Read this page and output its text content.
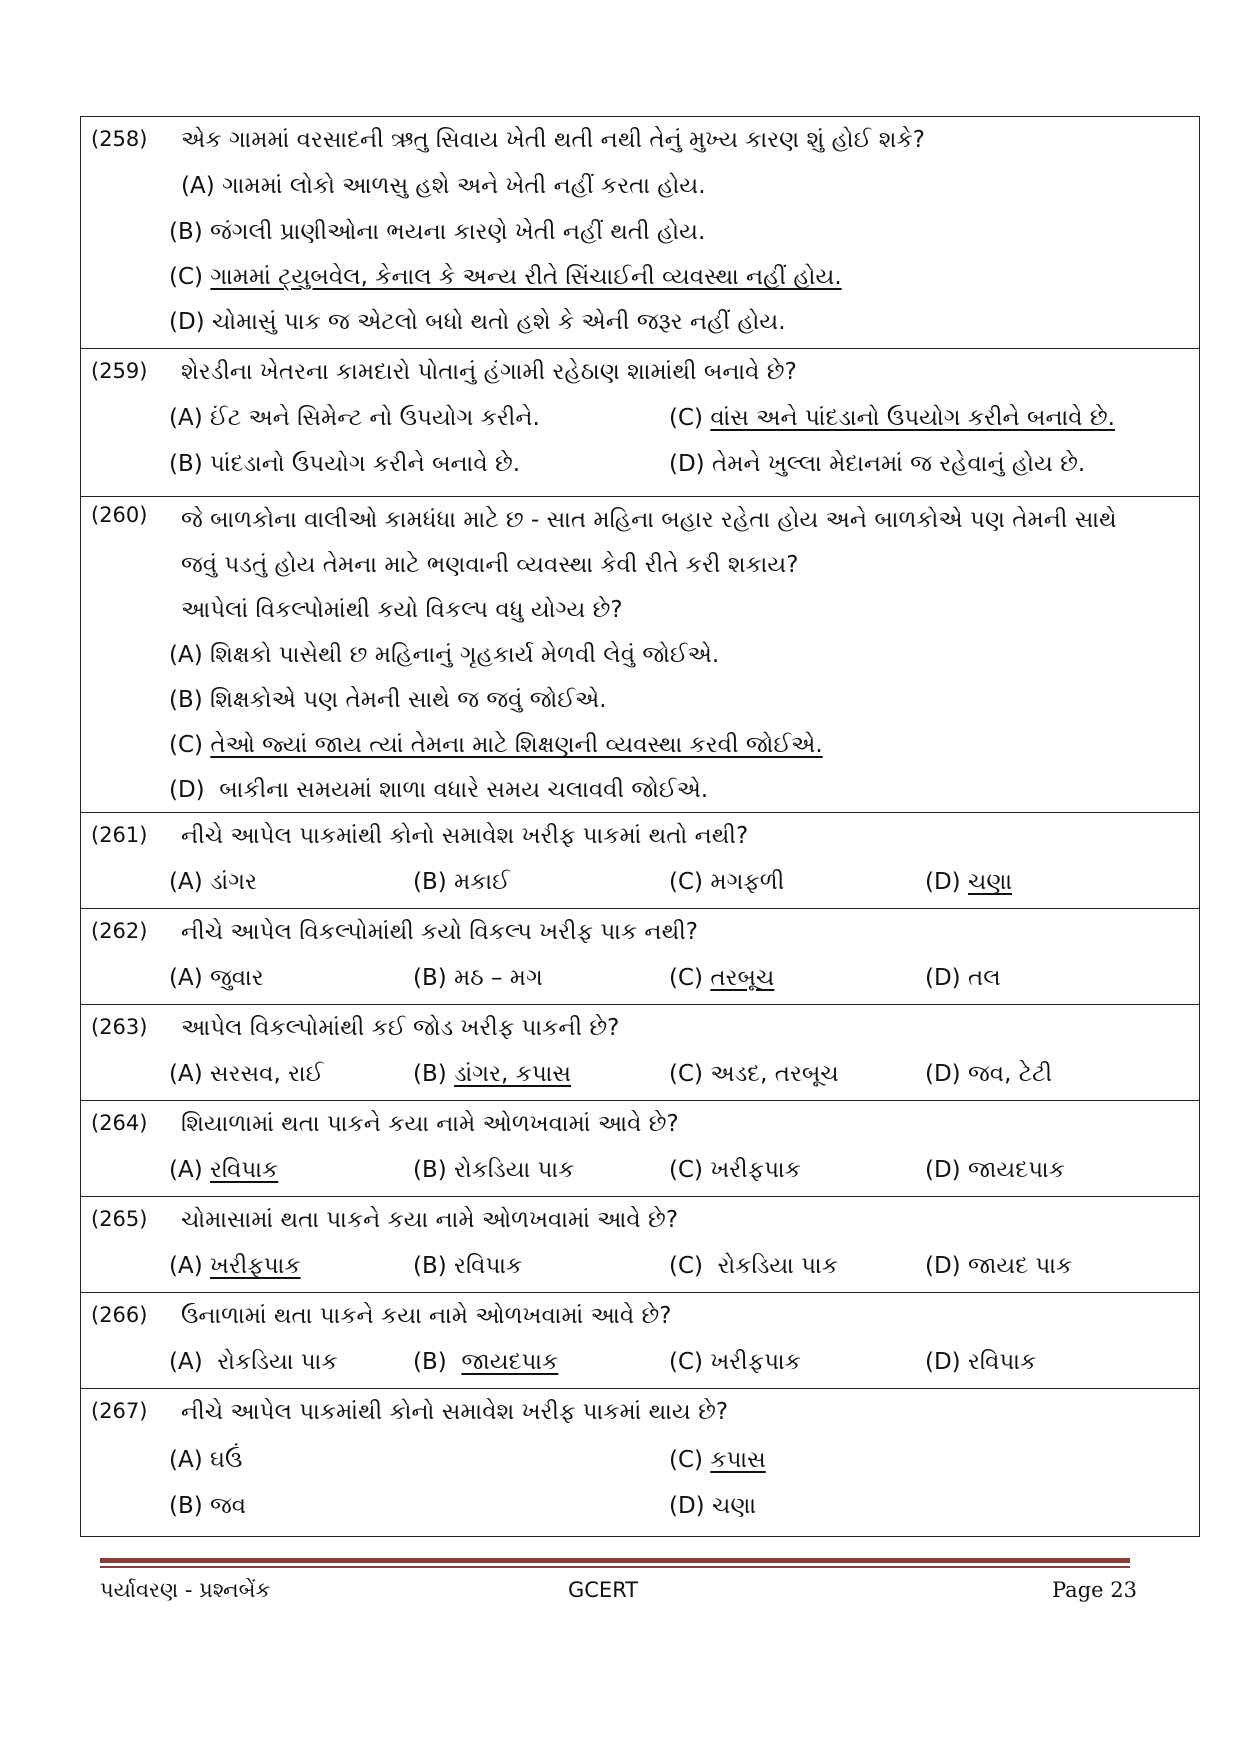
(258) એક ગામમાં વરસાદની ઋતુ સિવાય ખેતી થતી નથી તેનું મુખ્ય કારણ શું હોઈ શકે?
(A) ગામમાં લોકો આળસુ હશે અને ખેતી નહીં કરતા હોય.
(B) જંગલી પ્રાણીઓના ભયના કારણે ખેતી નહીં થતી હોય.
(C) ગામમાં ટ્યુબવેલ, કેનાલ કે અન્ય રીતે સિંચાઈની વ્યવસ્થા નહીં હોય.
(D) ચોમાસું પાક જ એટલો બધો થતો હશે કે એની જરૂર નહીં હોય.
(259) શેરડીના ખેતરના કામદારો પોતાનું હંગામી રહેઠાણ શામાંથી બનાવે છે?
(A) ઈંટ અને સિમેન્ટ નો ઉપયોગ કરીને.	(C) વાંસ અને પાંદડાનો ઉપયોગ કરીને બનાવે છે.
(B) પાંદડાનો ઉપયોગ કરીને બનાવે છે.	(D) તેમને ખુલ્લા મેદાનમાં જ રહેવાનું હોય છે.
(260) જે બાળકોના વાલીઓ કામધંધા માટે છ - સાત મહિના બહાર રહેતા હોય અને બાળકોએ પણ તેમની સાથે
જવું પડતું હોય તેમના માટે ભણવાની વ્યવસ્થા કેવી રીતે કરી શકાય?
આપેલાં વિકલ્પોમાંથી કયો વિકલ્પ વધુ યોગ્ય છે?
(A) શિક્ષકો પાસેથી છ મહિનાનું ગૃહકાર્ય મેળવી લેવું જોઈએ.
(B) શિક્ષકોએ પણ તેમની સાથે જ જવું જોઈએ.
(C) તેઓ જ્યાં જાય ત્યાં તેમના માટે શિક્ષણની વ્યવસ્થા કરવી જોઈએ.
(D) બાકીના સમયમાં શાળા વધારે સમય ચલાવવી જોઈએ.
(261) નીચે આપેલ પાકમાંથી કોનો સમાવેશ ખરીફ પાકમાં થતો નથી?
(A) ડાંગર	(B) મકાઈ	(C) મગફળી	(D) ચણા
(262) નીચે આપેલ વિકલ્પોમાંથી કયો વિકલ્પ ખરીફ પાક નથી?
(A) જુવાર	(B) મઠ – મગ	(C) તરબૂચ	(D) તલ
(263) આપેલ વિકલ્પોમાંથી કઈ જોડ ખરીફ પાકની છે?
(A) સરસવ, રાઈ	(B) ડાંગર, કપાસ	(C) અડદ, તરબૂચ	(D) જવ, ટેટી
(264) શિયાળામાં થતા પાકને કયા નામે ઓળખવામાં આવે છે?
(A) રવિપાક	(B) રોકડિયા પાક	(C) ખરીફપાક	(D) જાયદપાક
(265) ચોમાસામાં થતા પાકને કયા નામે ઓળખવામાં આવે છે?
(A) ખરીફપાક	(B) રવિપાક	(C) રોકડિયા પાક	(D) જાયદ પાક
(266) ઉનાળામાં થતા પાકને કયા નામે ઓળખવામાં આવે છે?
(A) રોકડિયા પાક	(B) જાયદપાક	(C) ખરીફપાક	(D) રવિપાક
(267) નીચે આપેલ પાકમાંથી કોનો સમાવેશ ખરીફ પાકમાં થાય છે?
(A) ઘઉં	(C) કપાસ
(B) જવ	(D) ચણા
પર્યાવરણ - પ્રશ્નબેંક	GCERT	Page 23
